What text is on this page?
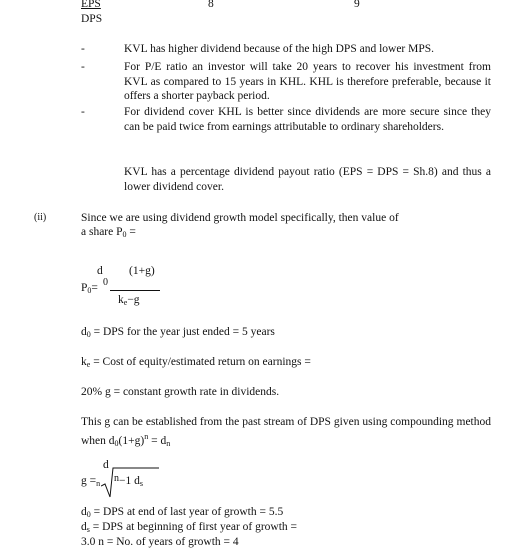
EPS	8	9
DPS
-	KVL has higher dividend because of the high DPS and lower MPS.
-	For P/E ratio an investor will take 20 years to recover his investment from KVL as compared to 15 years in KHL. KHL is therefore preferable, because it offers a shorter payback period.
-	For dividend cover KHL is better since dividends are more secure since they can be paid twice from earnings attributable to ordinary shareholders.
KVL has a percentage dividend payout ratio (EPS = DPS = Sh.8) and thus a lower dividend cover.
(ii)	Since we are using dividend growth model specifically, then value of
a share $P_0$ =
$P_0=$
d
0
(1+g)
$k_e-g$
$d_0$ = DPS for the year just ended = 5 years
$k_e$ = Cost of equity/estimated return on earnings =
20% g = constant growth rate in dividends.
This g can be established from the past stream of DPS given using compounding method when $d_0(1+g)^n = d_n$
$g =_n$
d
n −1 $d_s$
$d_0$ = DPS at end of last year of growth = 5.5
$d_s$ = DPS at beginning of first year of growth =
3.0 n = No. of years of growth = 4
